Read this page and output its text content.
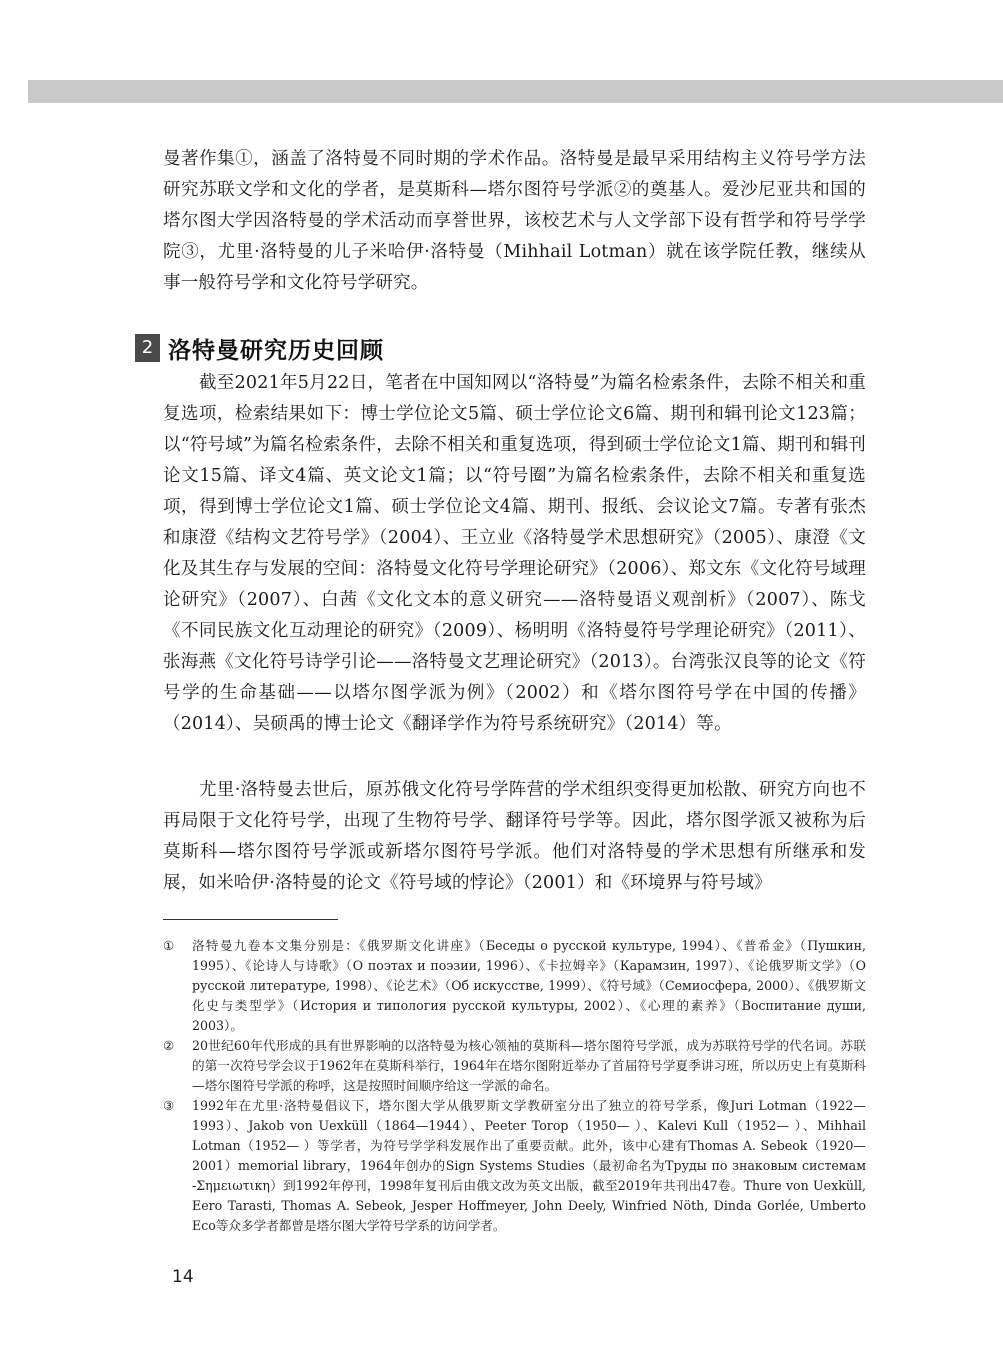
曼著作集①，涵盖了洛特曼不同时期的学术作品。洛特曼是最早采用结构主义符号学方法研究苏联文学和文化的学者，是莫斯科—塔尔图符号学派②的奠基人。爱沙尼亚共和国的塔尔图大学因洛特曼的学术活动而享誉世界，该校艺术与人文学部下设有哲学和符号学学院③，尤里·洛特曼的儿子米哈伊·洛特曼（Mihhail Lotman）就在该学院任教，继续从事一般符号学和文化符号学研究。

2 洛特曼研究历史回顾

截至2021年5月22日，笔者在中国知网以“洛特曼”为篇名检索条件，去除不相关和重复选项，检索结果如下：博士学位论文5篇、硕士学位论文6篇、期刊和辑刊论文123篇；以“符号域”为篇名检索条件，去除不相关和重复选项，得到硕士学位论文1篇、期刊和辑刊论文15篇、译文4篇、英文论文1篇；以“符号圈”为篇名检索条件，去除不相关和重复选项，得到博士学位论文1篇、硕士学位论文4篇、期刊、报纸、会议论文7篇。专著有张杰和康澄《结构文艺符号学》（2004）、王立业《洛特曼学术思想研究》（2005）、康澄《文化及其生存与发展的空间：洛特曼文化符号学理论研究》（2006）、郑文东《文化符号域理论研究》（2007）、白茜《文化文本的意义研究——洛特曼语义观剖析》（2007）、陈戈《不同民族文化互动理论的研究》（2009）、杨明明《洛特曼符号学理论研究》（2011）、张海燕《文化符号诗学引论——洛特曼文艺理论研究》（2013）。台湾张汉良等的论文《符号学的生命基础——以塔尔图学派为例》（2002）和《塔尔图符号学在中国的传播》（2014）、吴硕禹的博士论文《翻译学作为符号系统研究》（2014）等。

尤里·洛特曼去世后，原苏俄文化符号学阵营的学术组织变得更加松散、研究方向也不再局限于文化符号学，出现了生物符号学、翻译符号学等。因此，塔尔图学派又被称为后莫斯科—塔尔图符号学派或新塔尔图符号学派。他们对洛特曼的学术思想有所继承和发展，如米哈伊·洛特曼的论文《符号域的悖论》（2001）和《环境界与符号域》

① 洛特曼九卷本文集分别是：《俄罗斯文化讲座》（Беседы о русской культуре, 1994）、《普希金》（Пушкин, 1995）、《论诗人与诗歌》（О поэтах и поэзии, 1996）、《卡拉姆辛》（Карамзин, 1997）、《论俄罗斯文学》（О русской литературе, 1998）、《论艺术》（Об искусстве, 1999）、《符号域》（Семиосфера, 2000）、《俄罗斯文化史与类型学》（История и типология русской культуры, 2002）、《心理的素养》（Воспитание души, 2003）。
② 20世纪60年代形成的具有世界影响的以洛特曼为核心领袖的莫斯科—塔尔图符号学派，成为苏联符号学的代名词。苏联的第一次符号学会议于1962年在莫斯科举行，1964年在塔尔图附近举办了首届符号学夏季讲习班，所以历史上有莫斯科—塔尔图符号学派的称呼，这是按照时间顺序给这一学派的命名。
③ 1992年在尤里·洛特曼倡议下，塔尔图大学从俄罗斯文学教研室分出了独立的符号学系，像Juri Lotman（1922—1993）、Jakob von Uexküll（1864—1944）、Peeter Torop（1950— ）、Kalevi Kull（1952— ）、Mihhail Lotman（1952— ）等学者，为符号学学科发展作出了重要贡献。此外，该中心建有Thomas A. Sebeok（1920—2001）memorial library，1964年创办的Sign Systems Studies（最初命名为Труды по знаковым системам -Σημειωτικη）到1992年停刊，1998年复刊后由俄文改为英文出版，截至2019年共刊出47卷。Thure von Uexküll, Eero Tarasti, Thomas A. Sebeok, Jesper Hoffmeyer, John Deely, Winfried Nöth, Dinda Gorlée, Umberto Eco等众多学者都曾是塔尔图大学符号学系的访问学者。
14
